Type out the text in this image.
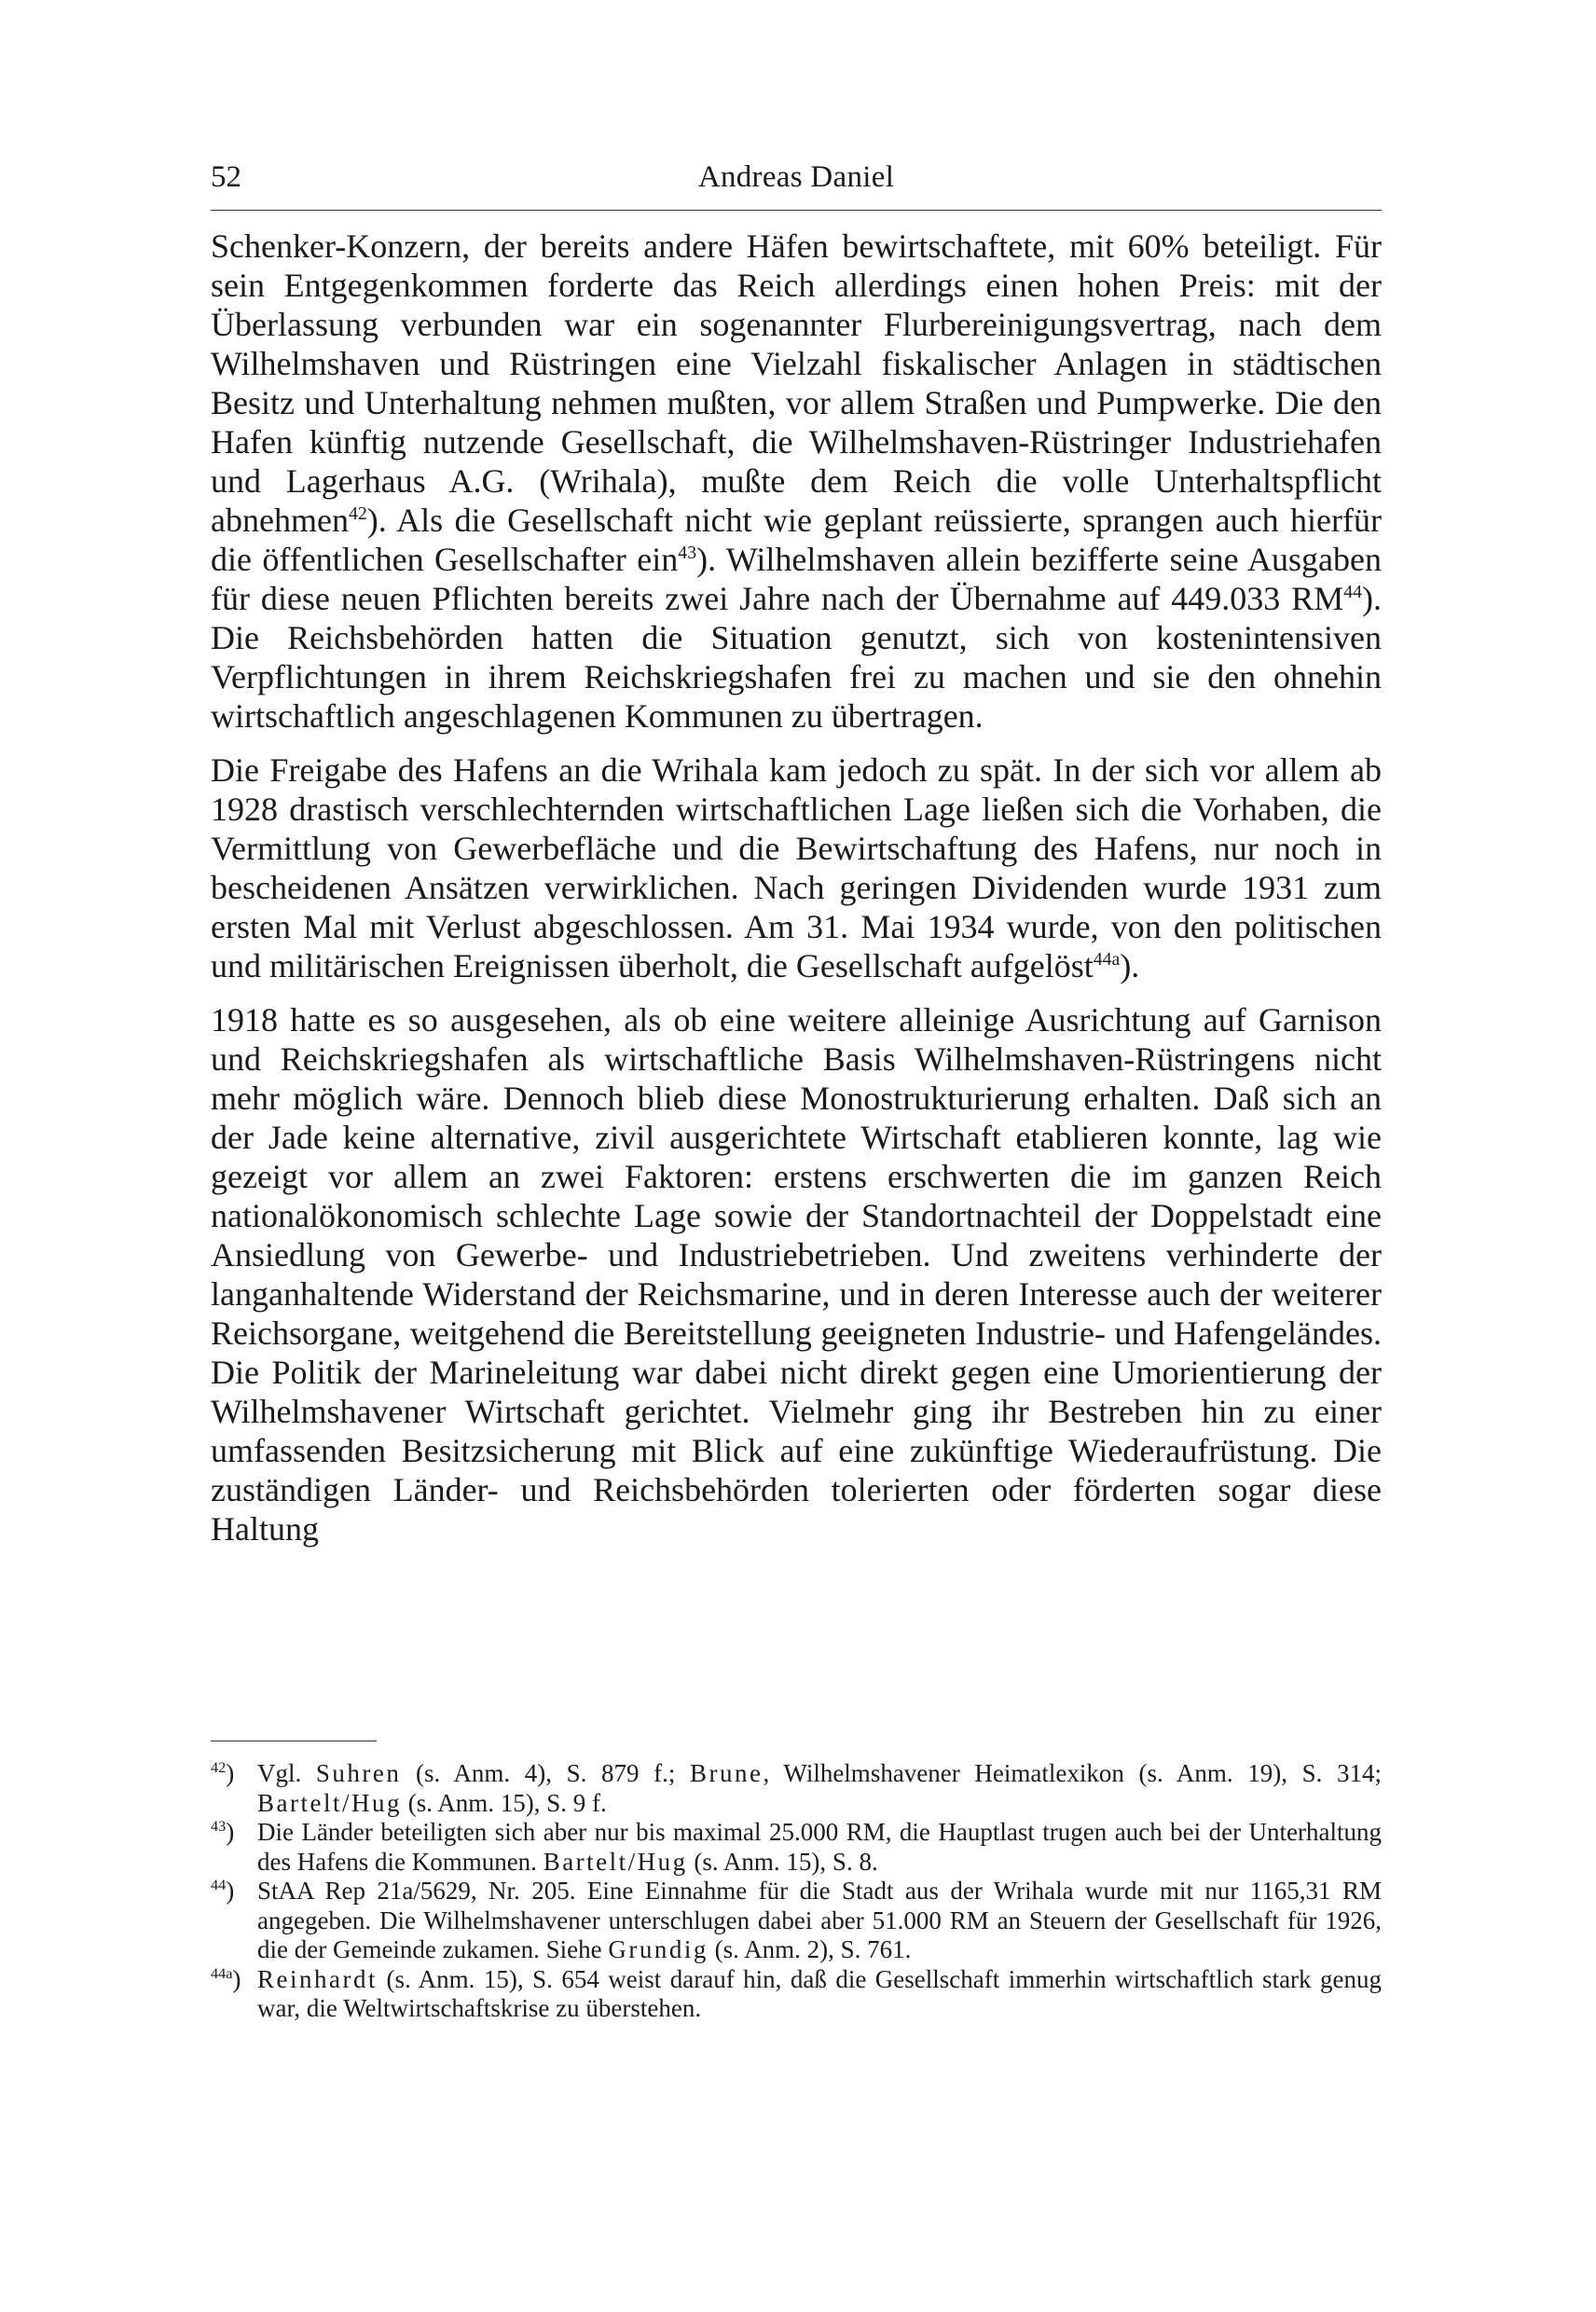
52	Andreas Daniel

Schenker-Konzern, der bereits andere Häfen bewirtschaftete, mit 60% beteiligt. Für sein Entgegenkommen forderte das Reich allerdings einen hohen Preis: mit der Überlassung verbunden war ein sogenannter Flurbereinigungsvertrag, nach dem Wilhelmshaven und Rüstringen eine Vielzahl fiskalischer Anlagen in städtischen Besitz und Unterhaltung nehmen mußten, vor allem Straßen und Pumpwerke. Die den Hafen künftig nutzende Gesellschaft, die Wilhelmshaven-Rüstringer Industriehafen und Lagerhaus A.G. (Wrihala), mußte dem Reich die volle Unterhaltspflicht abnehmen$^{42}$). Als die Gesellschaft nicht wie geplant reüssierte, sprangen auch hierfür die öffentlichen Gesellschafter ein$^{43}$). Wilhelmshaven allein bezifferte seine Ausgaben für diese neuen Pflichten bereits zwei Jahre nach der Übernahme auf 449.033 RM$^{44}$). Die Reichsbehörden hatten die Situation genutzt, sich von kostenintensiven Verpflichtungen in ihrem Reichskriegshafen frei zu machen und sie den ohnehin wirtschaftlich angeschlagenen Kommunen zu übertragen.

Die Freigabe des Hafens an die Wrihala kam jedoch zu spät. In der sich vor allem ab 1928 drastisch verschlechternden wirtschaftlichen Lage ließen sich die Vorhaben, die Vermittlung von Gewerbefläche und die Bewirtschaftung des Hafens, nur noch in bescheidenen Ansätzen verwirklichen. Nach geringen Dividenden wurde 1931 zum ersten Mal mit Verlust abgeschlossen. Am 31. Mai 1934 wurde, von den politischen und militärischen Ereignissen überholt, die Gesellschaft aufgelöst$^{44a}$).

1918 hatte es so ausgesehen, als ob eine weitere alleinige Ausrichtung auf Garnison und Reichskriegshafen als wirtschaftliche Basis Wilhelmshaven-Rüstringens nicht mehr möglich wäre. Dennoch blieb diese Monostrukturierung erhalten. Daß sich an der Jade keine alternative, zivil ausgerichtete Wirtschaft etablieren konnte, lag wie gezeigt vor allem an zwei Faktoren: erstens erschwerten die im ganzen Reich nationalökonomisch schlechte Lage sowie der Standortnachteil der Doppelstadt eine Ansiedlung von Gewerbe- und Industriebetrieben. Und zweitens verhinderte der langanhaltende Widerstand der Reichsmarine, und in deren Interesse auch der weiterer Reichsorgane, weitgehend die Bereitstellung geeigneten Industrie- und Hafengeländes. Die Politik der Marineleitung war dabei nicht direkt gegen eine Umorientierung der Wilhelmshavener Wirtschaft gerichtet. Vielmehr ging ihr Bestreben hin zu einer umfassenden Besitzsicherung mit Blick auf eine zukünftige Wiederaufrüstung. Die zuständigen Länder- und Reichsbehörden tolerierten oder förderten sogar diese Haltung

$^{42}$) Vgl. Suhren (s. Anm. 4), S. 879 f.; Brune, Wilhelmshavener Heimatlexikon (s. Anm. 19), S. 314; Bartelt/Hug (s. Anm. 15), S. 9 f.
$^{43}$) Die Länder beteiligten sich aber nur bis maximal 25.000 RM, die Hauptlast trugen auch bei der Unterhaltung des Hafens die Kommunen. Bartelt/Hug (s. Anm. 15), S. 8.
$^{44}$) StAA Rep 21a/5629, Nr. 205. Eine Einnahme für die Stadt aus der Wrihala wurde mit nur 1165,31 RM angegeben. Die Wilhelmshavener unterschlugen dabei aber 51.000 RM an Steuern der Gesellschaft für 1926, die der Gemeinde zukamen. Siehe Grundig (s. Anm. 2), S. 761.
$^{44a}$) Reinhardt (s. Anm. 15), S. 654 weist darauf hin, daß die Gesellschaft immerhin wirtschaftlich stark genug war, die Weltwirtschaftskrise zu überstehen.
